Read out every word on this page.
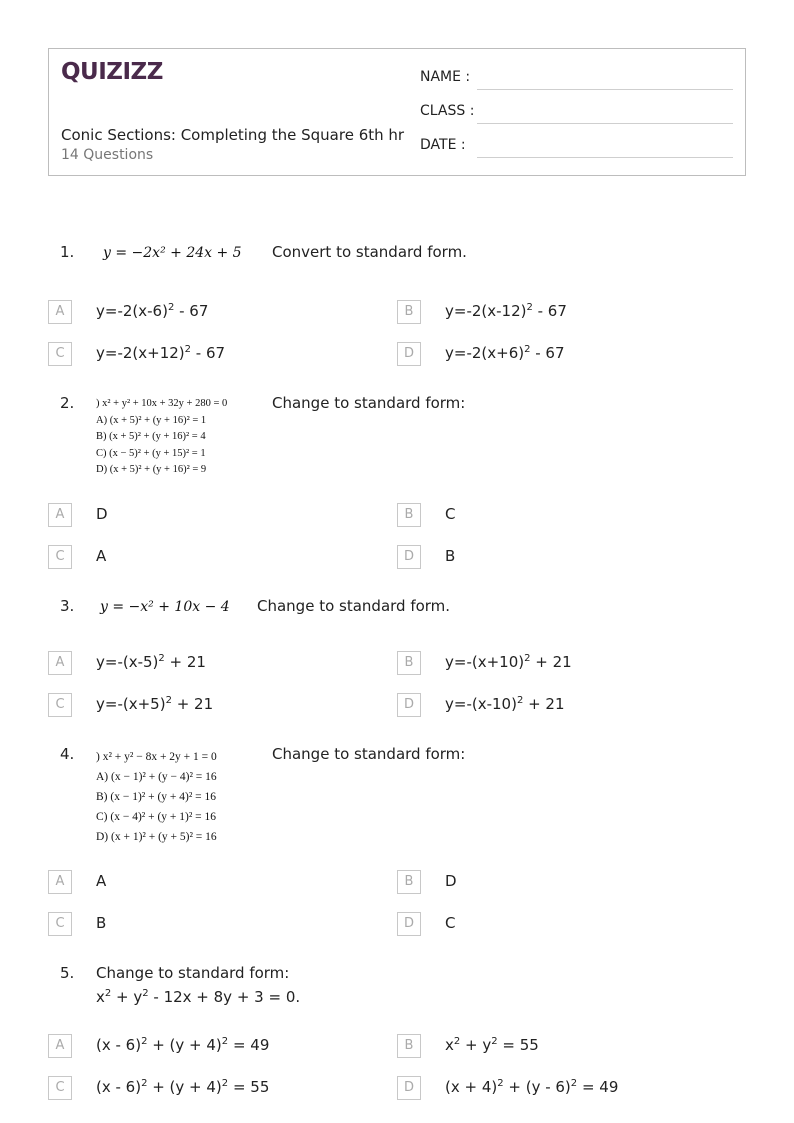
QUIZIZZ
Conic Sections: Completing the Square 6th hr
14 Questions
NAME :
CLASS :
DATE :
1. y = −2x² + 24x + 5 Convert to standard form.
A	$y=-2(x-6)^2 - 67$	B	$y=-2(x-12)^2 - 67$
C	$y=-2(x+12)^2 - 67$	D	$y=-2(x+6)^2 - 67$
2. ) x² + y² + 10x + 32y + 280 = 0
A) (x + 5)² + (y + 16)² = 1
B) (x + 5)² + (y + 16)² = 4
C) (x − 5)² + (y + 15)² = 1
D) (x + 5)² + (y + 16)² = 9
Change to standard form:
A	D	B	C
C	A	D	B
3. y = −x² + 10x − 4 Change to standard form.
A	$y=-(x-5)^2 + 21$	B	$y=-(x+10)^2 + 21$
C	$y=-(x+5)^2 + 21$	D	$y=-(x-10)^2 + 21$
4. ) x² + y² − 8x + 2y + 1 = 0
A) (x − 1)² + (y − 4)² = 16
B) (x − 1)² + (y + 4)² = 16
C) (x − 4)² + (y + 1)² = 16
D) (x + 1)² + (y + 5)² = 16
Change to standard form:
A	A	B	D
C	B	D	C
5. Change to standard form:
$x^2 + y^2 - 12x + 8y + 3 = 0$.
A	$(x - 6)^2 + (y + 4)^2 = 49$	B	$x^2 + y^2 = 55$
C	$(x - 6)^2 + (y + 4)^2 = 55$	D	$(x + 4)^2 + (y - 6)^2 = 49$
